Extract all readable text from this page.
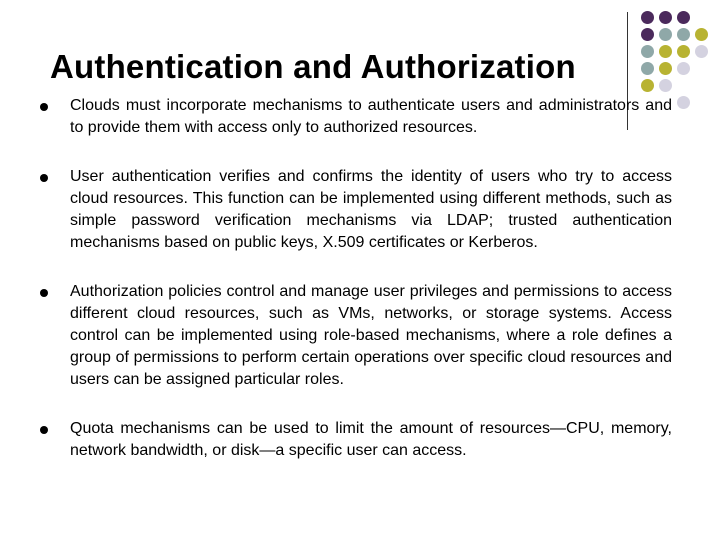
Authentication and Authorization
Clouds must incorporate mechanisms to authenticate users and administrators and to provide them with access only to authorized resources.
User authentication verifies and confirms the identity of users who try to access cloud resources. This function can be implemented using different methods, such as simple password verification mechanisms via LDAP; trusted authentication mechanisms based on public keys, X.509 certificates or Kerberos.
Authorization policies control and manage user privileges and permissions to access different cloud resources, such as VMs, networks, or storage systems. Access control can be implemented using role-based mechanisms, where a role defines a group of permissions to perform certain operations over specific cloud resources and users can be assigned particular roles.
Quota mechanisms can be used to limit the amount of resources—CPU, memory, network bandwidth, or disk—a specific user can access.
